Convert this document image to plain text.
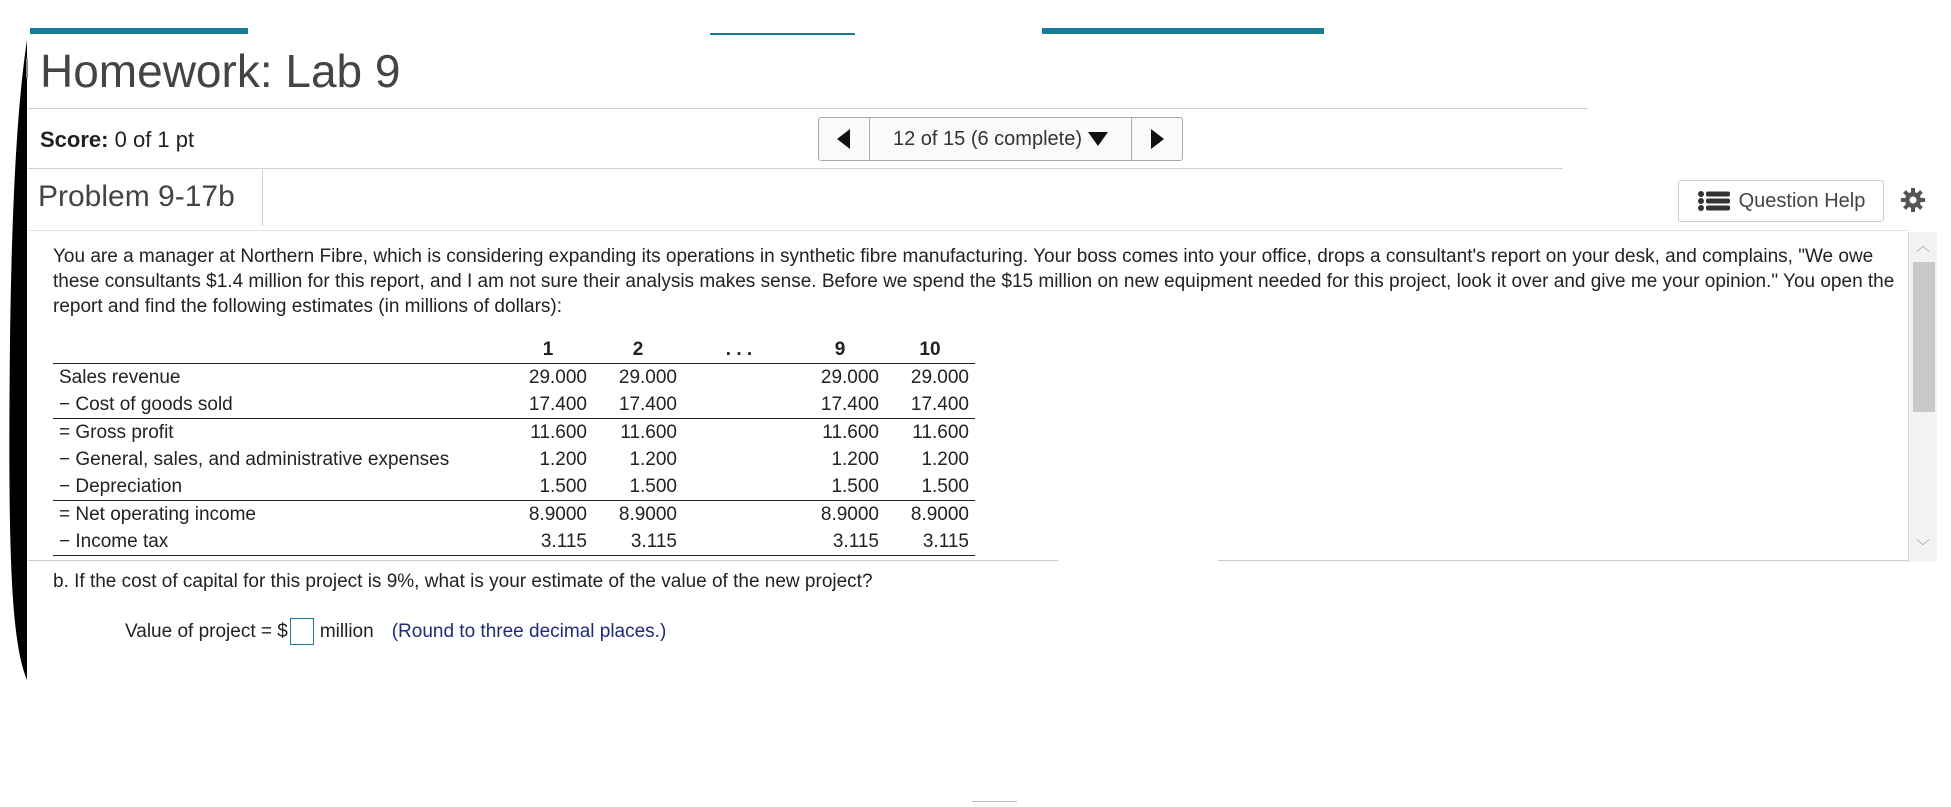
Homework: Lab 9
Score: 0 of 1 pt	12 of 15 (6 complete)
Problem 9-17b	Question Help
You are a manager at Northern Fibre, which is considering expanding its operations in synthetic fibre manufacturing. Your boss comes into your office, drops a consultant's report on your desk, and complains, "We owe these consultants $1.4 million for this report, and I am not sure their analysis makes sense. Before we spend the $15 million on new equipment needed for this project, look it over and give me your opinion." You open the report and find the following estimates (in millions of dollars):
	1	2	. . .	9	10
Sales revenue	29.000	29.000		29.000	29.000
− Cost of goods sold	17.400	17.400		17.400	17.400
= Gross profit	11.600	11.600		11.600	11.600
− General, sales, and administrative expenses	1.200	1.200		1.200	1.200
− Depreciation	1.500	1.500		1.500	1.500
= Net operating income	8.9000	8.9000		8.9000	8.9000
− Income tax	3.115	3.115		3.115	3.115
︿
﹀
b. If the cost of capital for this project is 9%, what is your estimate of the value of the new project?
Value of project = $ million (Round to three decimal places.)
